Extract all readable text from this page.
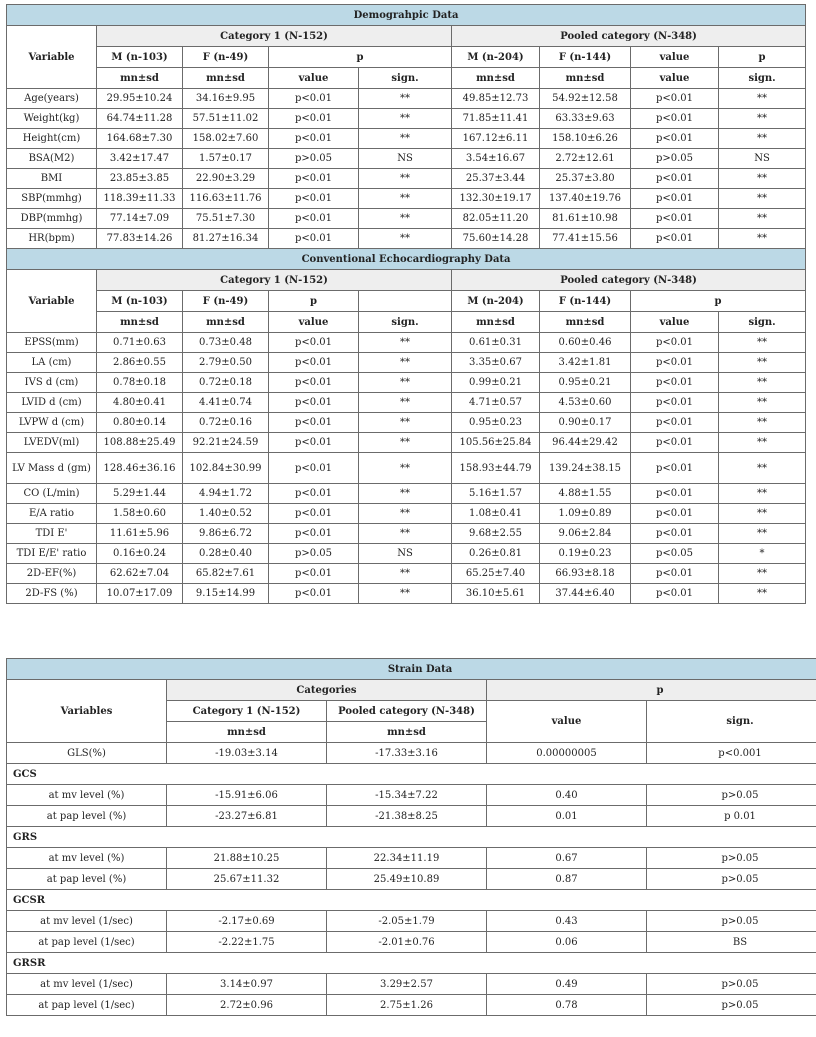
Demograhpic Data								
Variable	Category 1 (N-152)				Pooled category (N-348)			
	M (n-103)	F (n-49)	p		M (n-204)	F (n-144)	value	p
	mn±sd	mn±sd	value	sign.	mn±sd	mn±sd	value	sign.
Age(years)	29.95±10.24	34.16±9.95	p<0.01	**	49.85±12.73	54.92±12.58	p<0.01	**
Weight(kg)	64.74±11.28	57.51±11.02	p<0.01	**	71.85±11.41	63.33±9.63	p<0.01	**
Height(cm)	164.68±7.30	158.02±7.60	p<0.01	**	167.12±6.11	158.10±6.26	p<0.01	**
BSA(M2)	3.42±17.47	1.57±0.17	p>0.05	NS	3.54±16.67	2.72±12.61	p>0.05	NS
BMI	23.85±3.85	22.90±3.29	p<0.01	**	25.37±3.44	25.37±3.80	p<0.01	**
SBP(mmhg)	118.39±11.33	116.63±11.76	p<0.01	**	132.30±19.17	137.40±19.76	p<0.01	**
DBP(mmhg)	77.14±7.09	75.51±7.30	p<0.01	**	82.05±11.20	81.61±10.98	p<0.01	**
HR(bpm)	77.83±14.26	81.27±16.34	p<0.01	**	75.60±14.28	77.41±15.56	p<0.01	**
Conventional Echocardiography Data								
Variable	Category 1 (N-152)				Pooled category (N-348)			
	M (n-103)	F (n-49)	p		M (n-204)	F (n-144)	p	
	mn±sd	mn±sd	value	sign.	mn±sd	mn±sd	value	sign.
EPSS(mm)	0.71±0.63	0.73±0.48	p<0.01	**	0.61±0.31	0.60±0.46	p<0.01	**
LA (cm)	2.86±0.55	2.79±0.50	p<0.01	**	3.35±0.67	3.42±1.81	p<0.01	**
IVS d (cm)	0.78±0.18	0.72±0.18	p<0.01	**	0.99±0.21	0.95±0.21	p<0.01	**
LVID d (cm)	4.80±0.41	4.41±0.74	p<0.01	**	4.71±0.57	4.53±0.60	p<0.01	**
LVPW d (cm)	0.80±0.14	0.72±0.16	p<0.01	**	0.95±0.23	0.90±0.17	p<0.01	**
LVEDV(ml)	108.88±25.49	92.21±24.59	p<0.01	**	105.56±25.84	96.44±29.42	p<0.01	**
LV Mass d (gm)	128.46±36.16	102.84±30.99	p<0.01	**	158.93±44.79	139.24±38.15	p<0.01	**
CO (L/min)	5.29±1.44	4.94±1.72	p<0.01	**	5.16±1.57	4.88±1.55	p<0.01	**
E/A ratio	1.58±0.60	1.40±0.52	p<0.01	**	1.08±0.41	1.09±0.89	p<0.01	**
TDI E'	11.61±5.96	9.86±6.72	p<0.01	**	9.68±2.55	9.06±2.84	p<0.01	**
TDI E/E' ratio	0.16±0.24	0.28±0.40	p>0.05	NS	0.26±0.81	0.19±0.23	p<0.05	*
2D-EF(%)	62.62±7.04	65.82±7.61	p<0.01	**	65.25±7.40	66.93±8.18	p<0.01	**
2D-FS (%)	10.07±17.09	9.15±14.99	p<0.01	**	36.10±5.61	37.44±6.40	p<0.01	**
Strain Data				
Variables	Categories		p	
	Category 1 (N-152)	Pooled category (N-348)	value	sign.
	mn±sd	mn±sd		
GLS(%)	-19.03±3.14	-17.33±3.16	0.00000005	p<0.001
GCS				
at mv level (%)	-15.91±6.06	-15.34±7.22	0.40	p>0.05
at pap level (%)	-23.27±6.81	-21.38±8.25	0.01	p 0.01
GRS				
at mv level (%)	21.88±10.25	22.34±11.19	0.67	p>0.05
at pap level (%)	25.67±11.32	25.49±10.89	0.87	p>0.05
GCSR				
at mv level (1/sec)	-2.17±0.69	-2.05±1.79	0.43	p>0.05
at pap level (1/sec)	-2.22±1.75	-2.01±0.76	0.06	BS
GRSR				
at mv level (1/sec)	3.14±0.97	3.29±2.57	0.49	p>0.05
at pap level (1/sec)	2.72±0.96	2.75±1.26	0.78	p>0.05
